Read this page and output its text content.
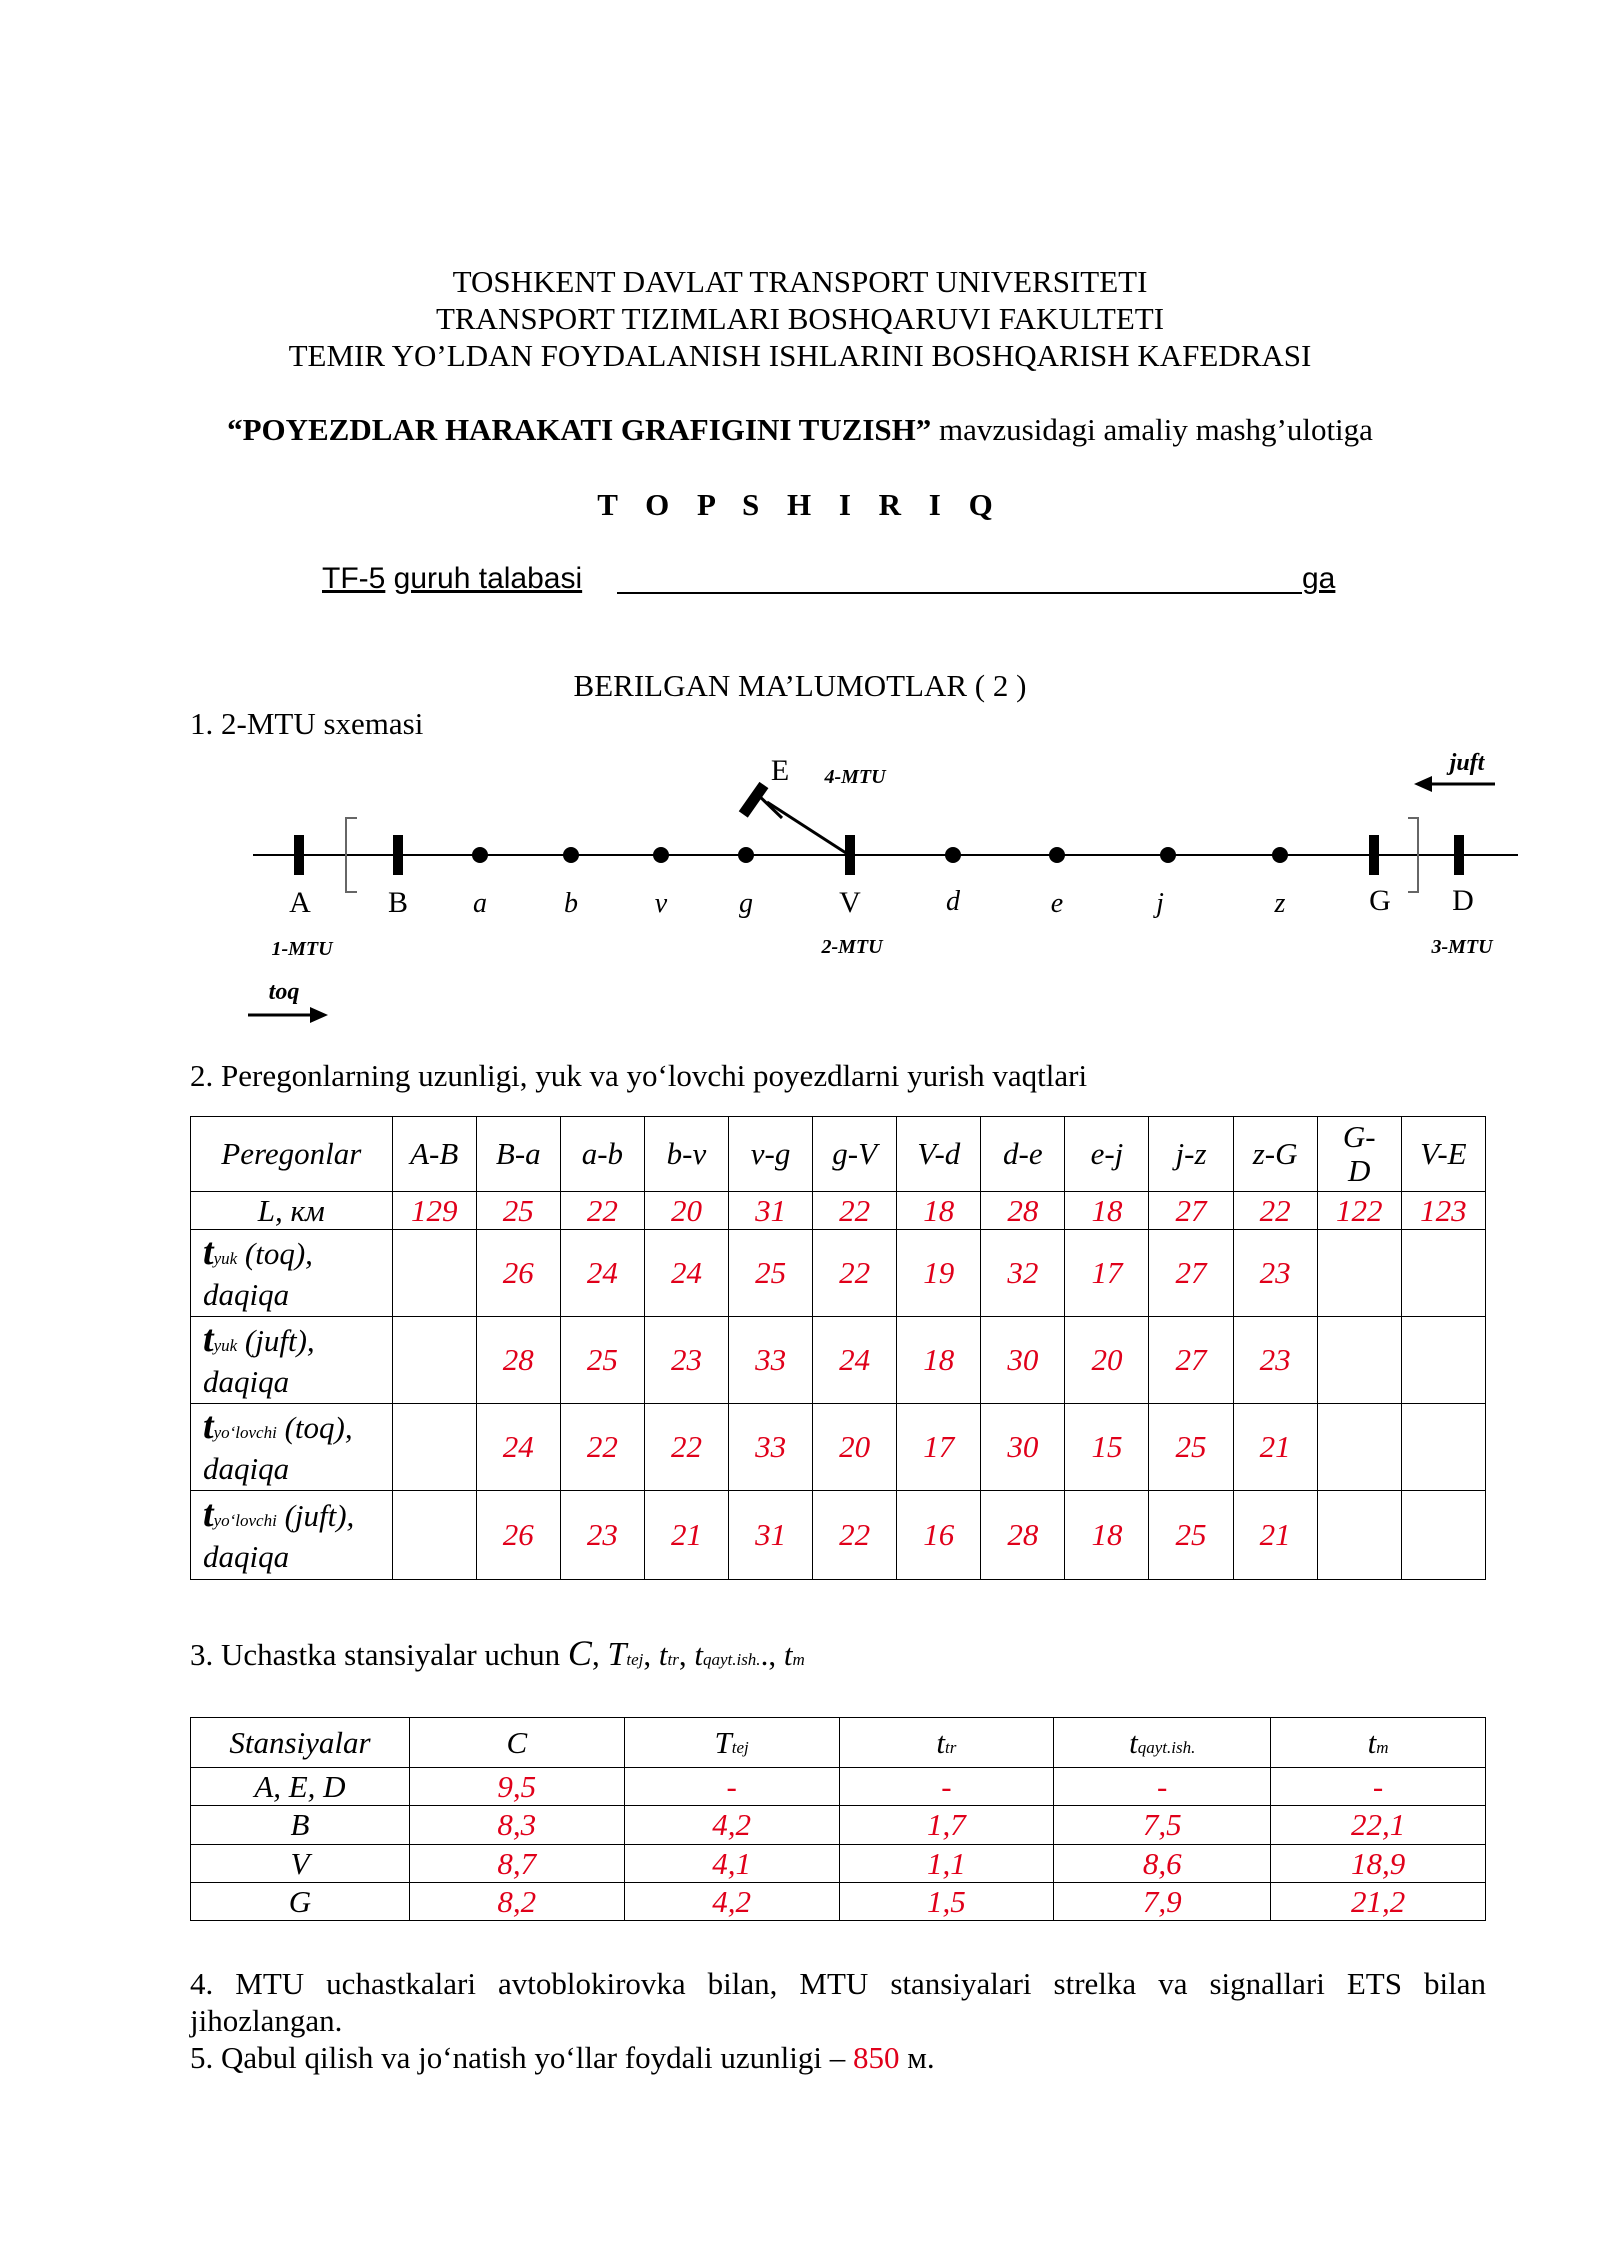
TOSHKENT DAVLAT TRANSPORT UNIVERSITETI
TRANSPORT TIZIMLARI BOSHQARUVI FAKULTETI
TEMIR YO’LDAN FOYDALANISH ISHLARINI BOSHQARISH KAFEDRASI
“POYEZDLAR HARAKATI GRAFIGINI TUZISH” mavzusidagi amaliy mashg’ulotiga
T O P S H I R I Q
TF-5 guruh talabasi	ga
BERILGAN MA’LUMOTLAR ( 2 )
1. 2-MTU sxemasi
A	B a	b	v	g	V	d	e	j	z	G D
E
1-MTU	2-MTU	3-MTU
4-MTU
juft
toq
2. Peregonlarning uzunligi, yuk va yo‘lovchi poyezdlarni yurish vaqtlari
Peregonlar	A-B	B-a	a-b	b-v	v-g	g-V	V-d	d-e	e-j	j-z	z-G	G-D	V-E
L, км	129	25	22	20	31	22	18	28	18	27	22	122	123
tyuk (toq),
daqiqa		26	24	24	25	22	19	32	17	27	23		
tyuk (juft),
daqiqa		28	25	23	33	24	18	30	20	27	23		
tyo‘lovchi (toq),
daqiqa		24	22	22	33	20	17	30	15	25	21		
tyo‘lovchi (juft),
daqiqa		26	23	21	31	22	16	28	18	25	21		
3. Uchastka stansiyalar uchun C, Ttej, ttr, tqayt.ish.., tm
Stansiyalar	C	Ttej	ttr	tqayt.ish.	tm
A, E, D	9,5	-	-	-	-
B	8,3	4,2	1,7	7,5	22,1
V	8,7	4,1	1,1	8,6	18,9
G	8,2	4,2	1,5	7,9	21,2
4. MTU uchastkalari avtoblokirovka bilan, MTU stansiyalari strelka va signallari ETS bilan jihozlangan.
5. Qabul qilish va jo‘natish yo‘llar foydali uzunligi – 850 м.
